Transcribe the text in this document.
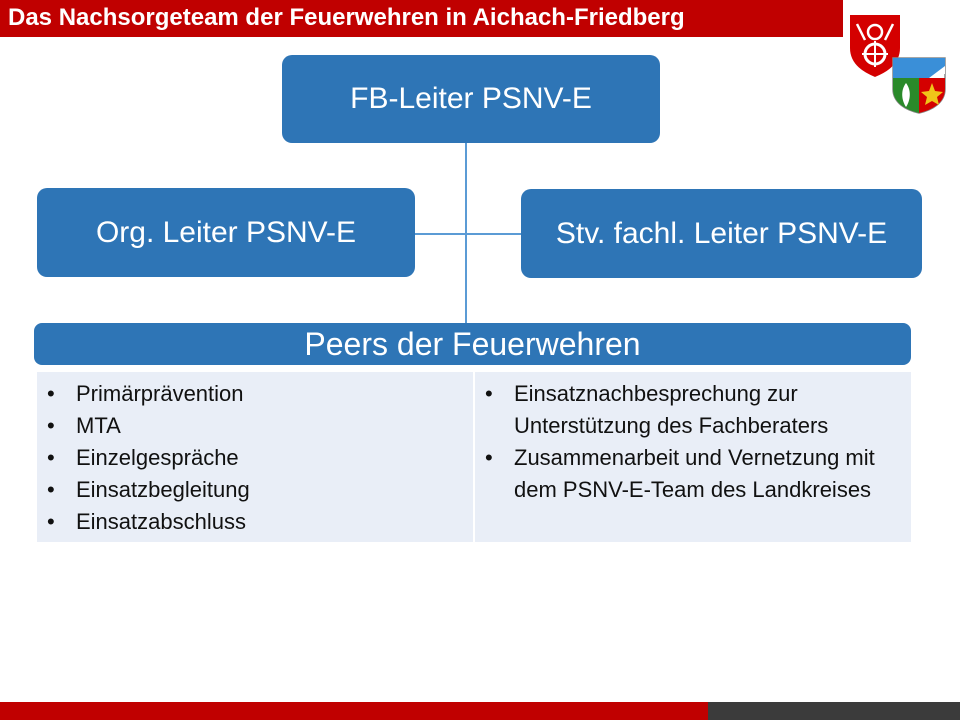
Das Nachsorgeteam der Feuerwehren in Aichach-Friedberg
FB-Leiter PSNV-E
Org. Leiter PSNV-E	Stv. fachl. Leiter PSNV-E
Peers der Feuerwehren
• Primärprävention
• MTA
• Einzelgespräche
• Einsatzbegleitung
• Einsatzabschluss
• Einsatznachbesprechung zur Unterstützung des Fachberaters
• Zusammenarbeit und Vernetzung mit dem PSNV-E-Team des Landkreises
